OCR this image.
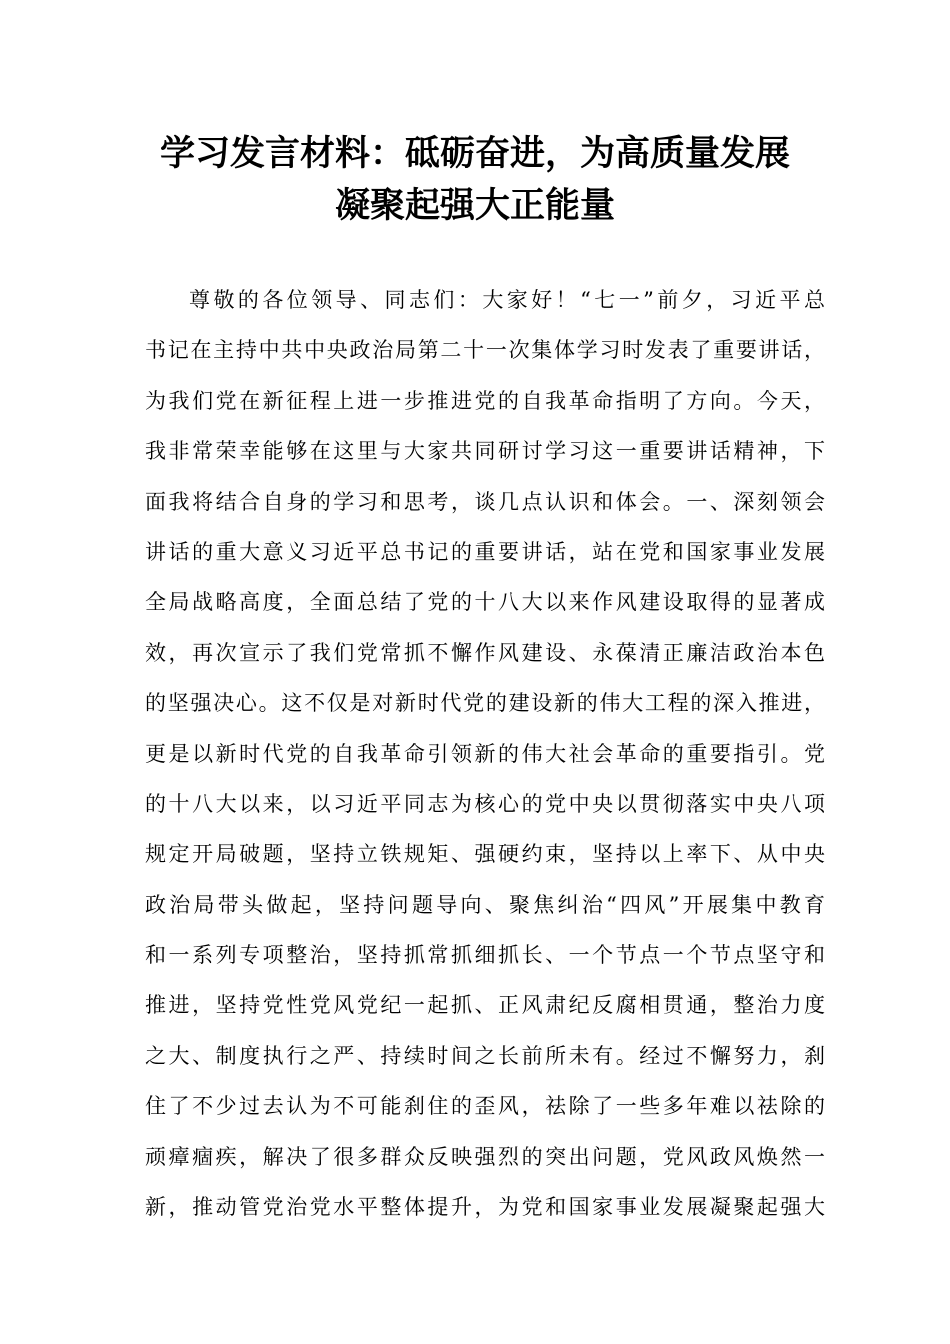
学习发言材料：砥砺奋进，为高质量发展
凝聚起强大正能量
尊敬的各位领导、同志们：大家好！“七一”前夕，习近平总
书记在主持中共中央政治局第二十一次集体学习时发表了重要讲话，
为我们党在新征程上进一步推进党的自我革命指明了方向。今天，
我非常荣幸能够在这里与大家共同研讨学习这一重要讲话精神，下
面我将结合自身的学习和思考，谈几点认识和体会。一、深刻领会
讲话的重大意义习近平总书记的重要讲话，站在党和国家事业发展
全局战略高度，全面总结了党的十八大以来作风建设取得的显著成
效，再次宣示了我们党常抓不懈作风建设、永葆清正廉洁政治本色
的坚强决心。这不仅是对新时代党的建设新的伟大工程的深入推进，
更是以新时代党的自我革命引领新的伟大社会革命的重要指引。党
的十八大以来，以习近平同志为核心的党中央以贯彻落实中央八项
规定开局破题，坚持立铁规矩、强硬约束，坚持以上率下、从中央
政治局带头做起，坚持问题导向、聚焦纠治“四风”开展集中教育
和一系列专项整治，坚持抓常抓细抓长、一个节点一个节点坚守和
推进，坚持党性党风党纪一起抓、正风肃纪反腐相贯通，整治力度
之大、制度执行之严、持续时间之长前所未有。经过不懈努力，刹
住了不少过去认为不可能刹住的歪风，祛除了一些多年难以祛除的
顽瘴痼疾，解决了很多群众反映强烈的突出问题，党风政风焕然一
新，推动管党治党水平整体提升，为党和国家事业发展凝聚起强大
